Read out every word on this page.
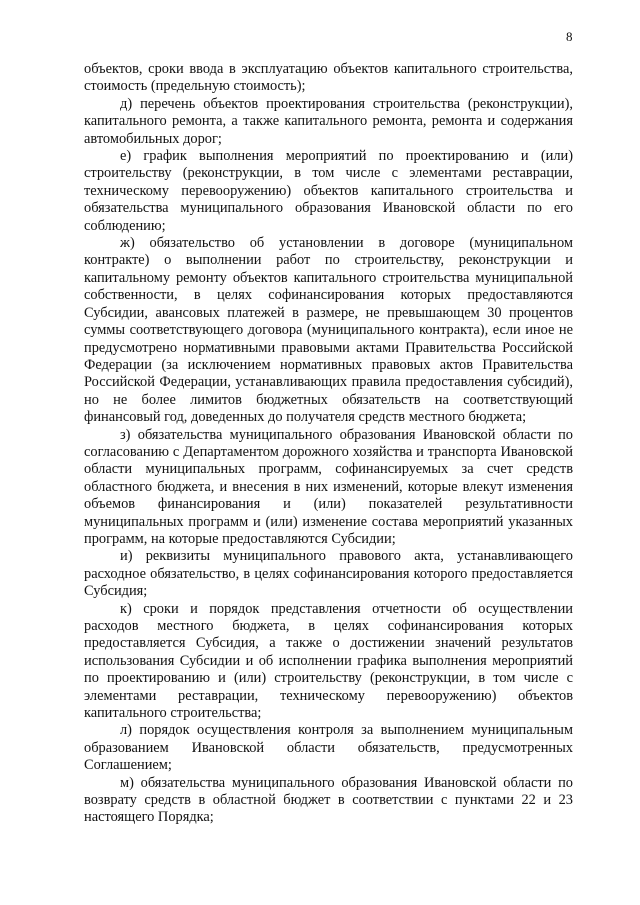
8

объектов, сроки ввода в эксплуатацию объектов капитального строительства, стоимость (предельную стоимость);

д) перечень объектов проектирования строительства (реконструкции), капитального ремонта, а также капитального ремонта, ремонта и содержания автомобильных дорог;

е) график выполнения мероприятий по проектированию и (или) строительству (реконструкции, в том числе с элементами реставрации, техническому перевооружению) объектов капитального строительства и обязательства муниципального образования Ивановской области по его соблюдению;

ж) обязательство об установлении в договоре (муниципальном контракте) о выполнении работ по строительству, реконструкции и капитальному ремонту объектов капитального строительства муниципальной собственности, в целях софинансирования которых предоставляются Субсидии, авансовых платежей в размере, не превышающем 30 процентов суммы соответствующего договора (муниципального контракта), если иное не предусмотрено нормативными правовыми актами Правительства Российской Федерации (за исключением нормативных правовых актов Правительства Российской Федерации, устанавливающих правила предоставления субсидий), но не более лимитов бюджетных обязательств на соответствующий финансовый год, доведенных до получателя средств местного бюджета;

з) обязательства муниципального образования Ивановской области по согласованию с Департаментом дорожного хозяйства и транспорта Ивановской области муниципальных программ, софинансируемых за счет средств областного бюджета, и внесения в них изменений, которые влекут изменения объемов финансирования и (или) показателей результативности муниципальных программ и (или) изменение состава мероприятий указанных программ, на которые предоставляются Субсидии;

и) реквизиты муниципального правового акта, устанавливающего расходное обязательство, в целях софинансирования которого предоставляется Субсидия;

к) сроки и порядок представления отчетности об осуществлении расходов местного бюджета, в целях софинансирования которых предоставляется Субсидия, а также о достижении значений результатов использования Субсидии и об исполнении графика выполнения мероприятий по проектированию и (или) строительству (реконструкции, в том числе с элементами реставрации, техническому перевооружению) объектов капитального строительства;

л) порядок осуществления контроля за выполнением муниципальным образованием Ивановской области обязательств, предусмотренных Соглашением;

м) обязательства муниципального образования Ивановской области по возврату средств в областной бюджет в соответствии с пунктами 22 и 23 настоящего Порядка;
